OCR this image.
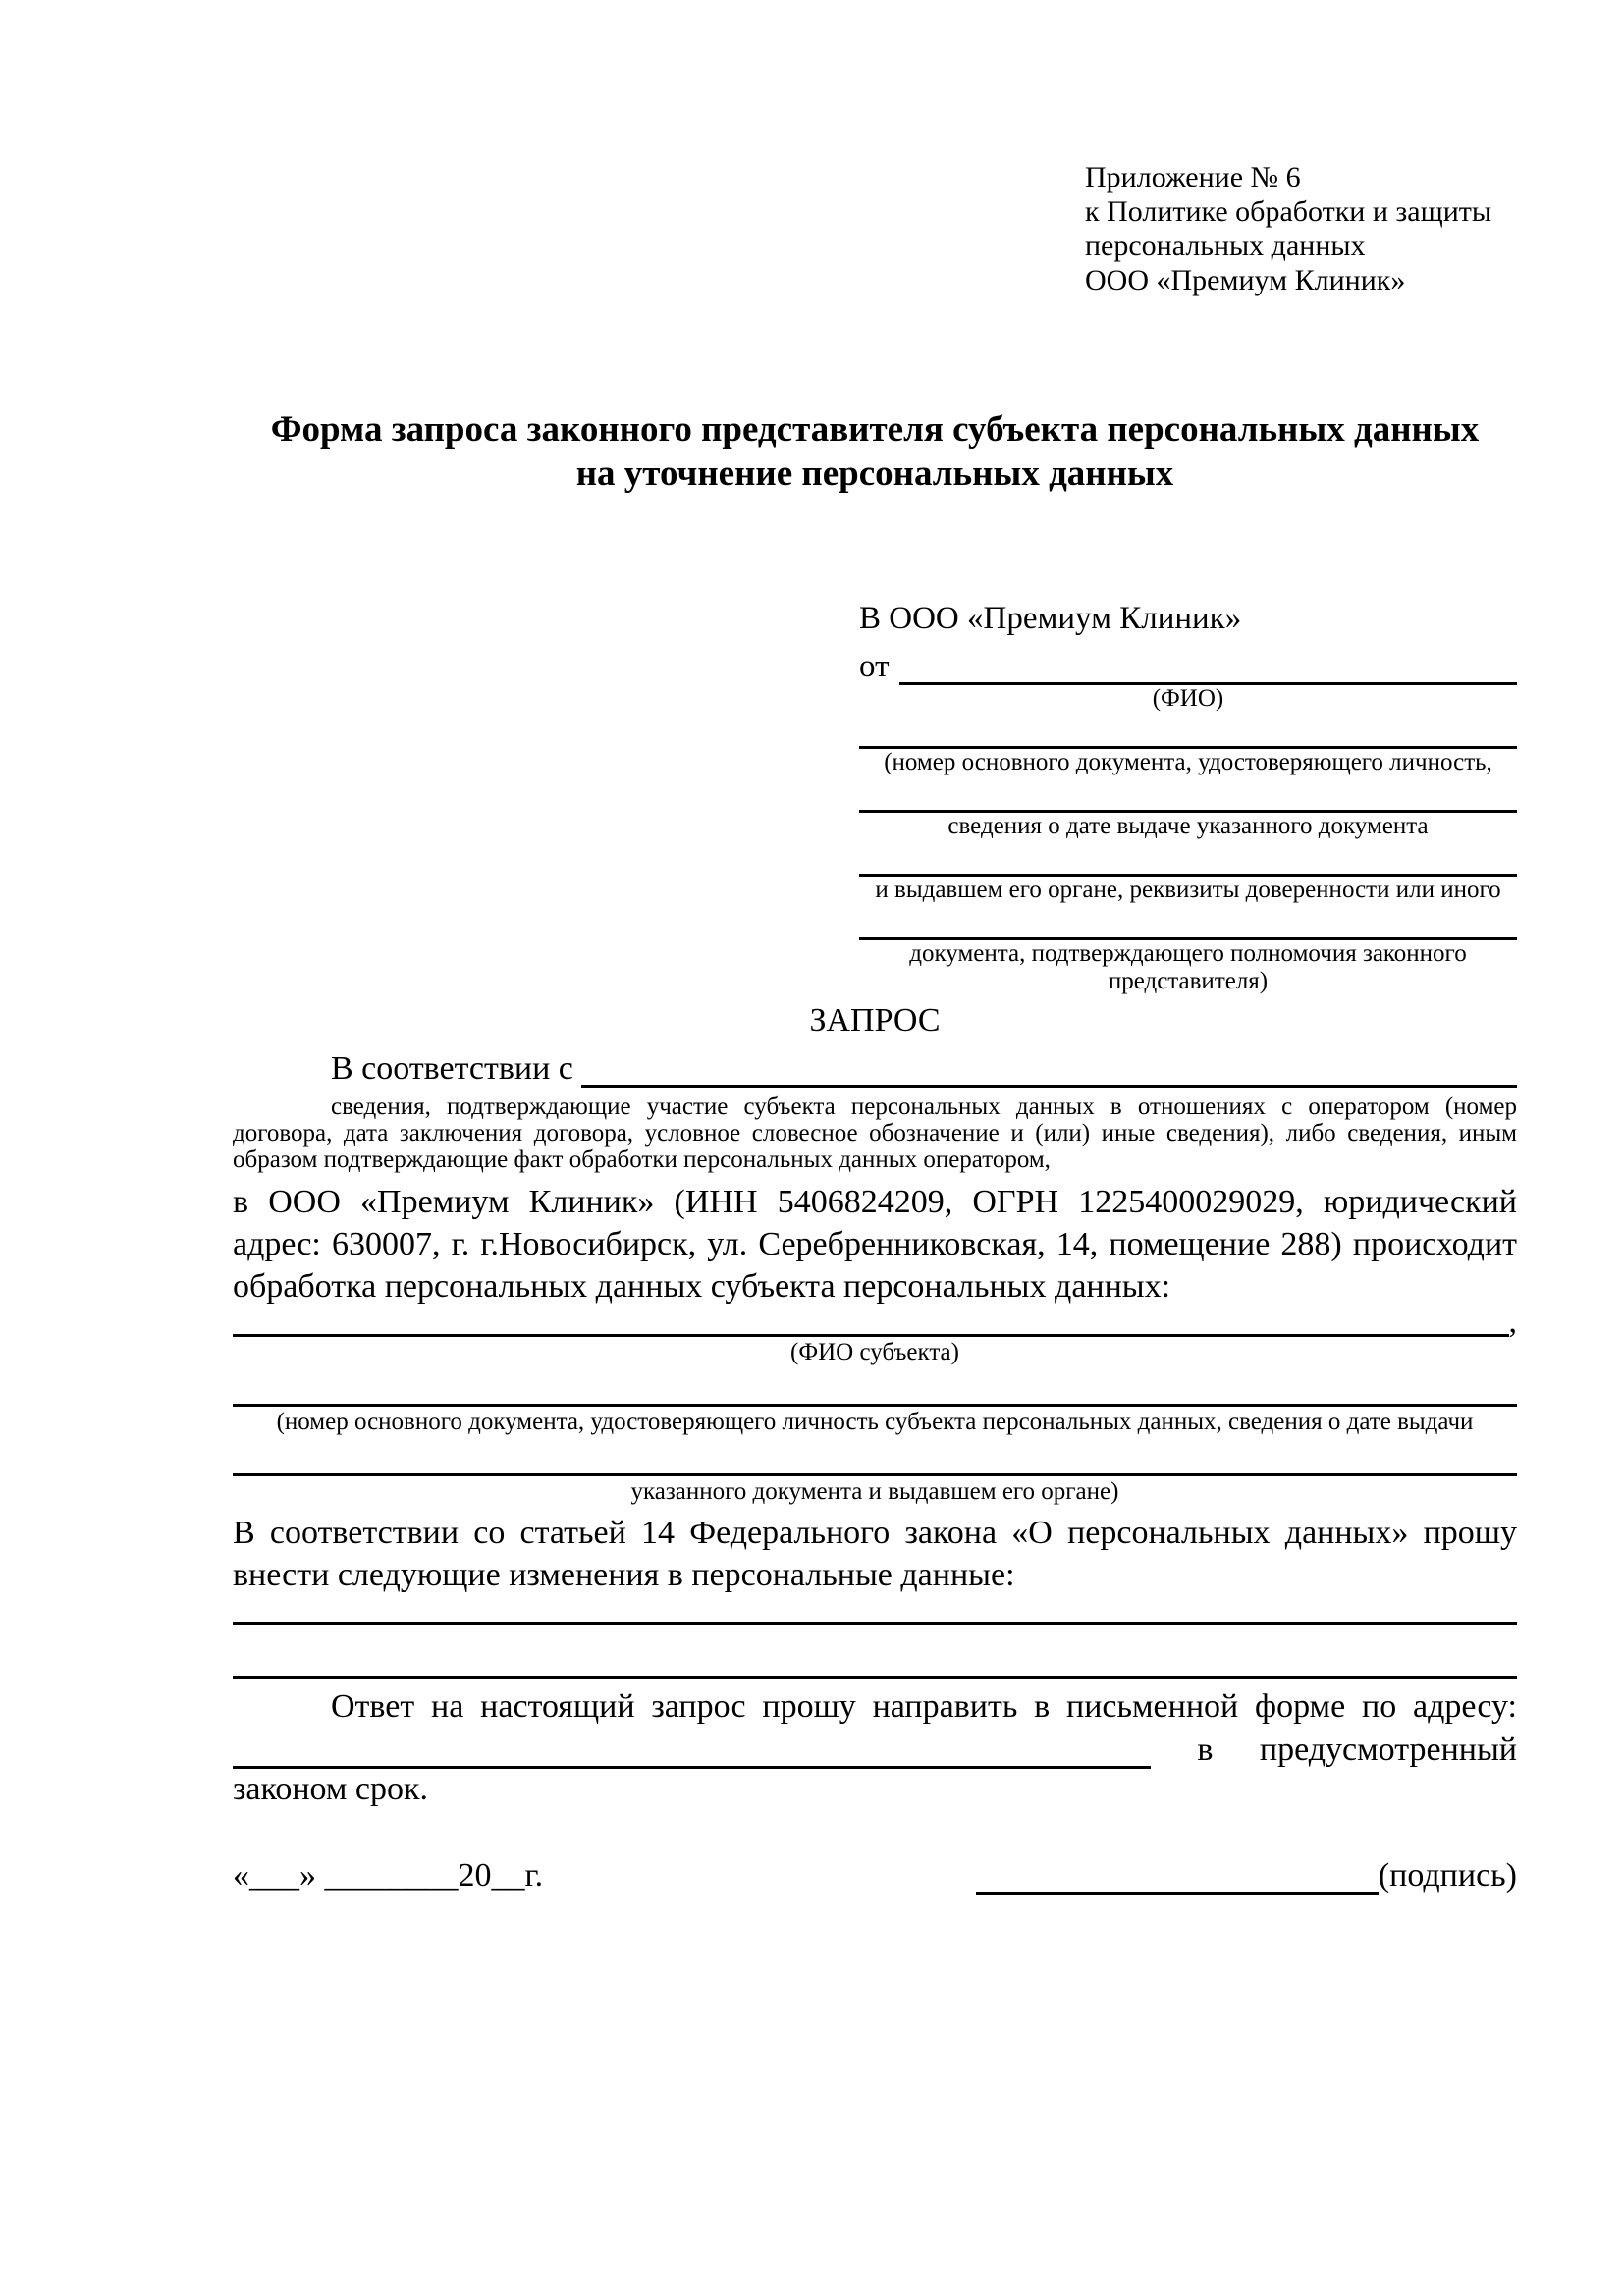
Приложение № 6
к Политике обработки и защиты
персональных данных
ООО «Премиум Клиник»
Форма запроса законного представителя субъекта персональных данных
на уточнение персональных данных
В ООО «Премиум Клиник»
от
(ФИО)
(номер основного документа, удостоверяющего личность,
сведения о дате выдаче указанного документа
и выдавшем его органе, реквизиты доверенности или иного
документа, подтверждающего полномочия законного представителя)
ЗАПРОС
В соответствии с
сведения, подтверждающие участие субъекта персональных данных в отношениях с оператором (номер договора, дата заключения договора, условное словесное обозначение и (или) иные сведения), либо сведения, иным образом подтверждающие факт обработки персональных данных оператором,
в ООО «Премиум Клиник» (ИНН 5406824209, ОГРН 1225400029029, юридический адрес: 630007, г. г.Новосибирск, ул. Серебренниковская, 14, помещение 288) происходит обработка персональных данных субъекта персональных данных:
,
(ФИО субъекта)
(номер основного документа, удостоверяющего личность субъекта персональных данных, сведения о дате выдачи
указанного документа и выдавшем его органе)
В соответствии со статьей 14 Федерального закона «О персональных данных» прошу внести следующие изменения в персональные данные:
Ответ на настоящий запрос прошу направить в письменной форме по адресу:
в предусмотренный
законом срок.
«___» ________20__г.	(подпись)
